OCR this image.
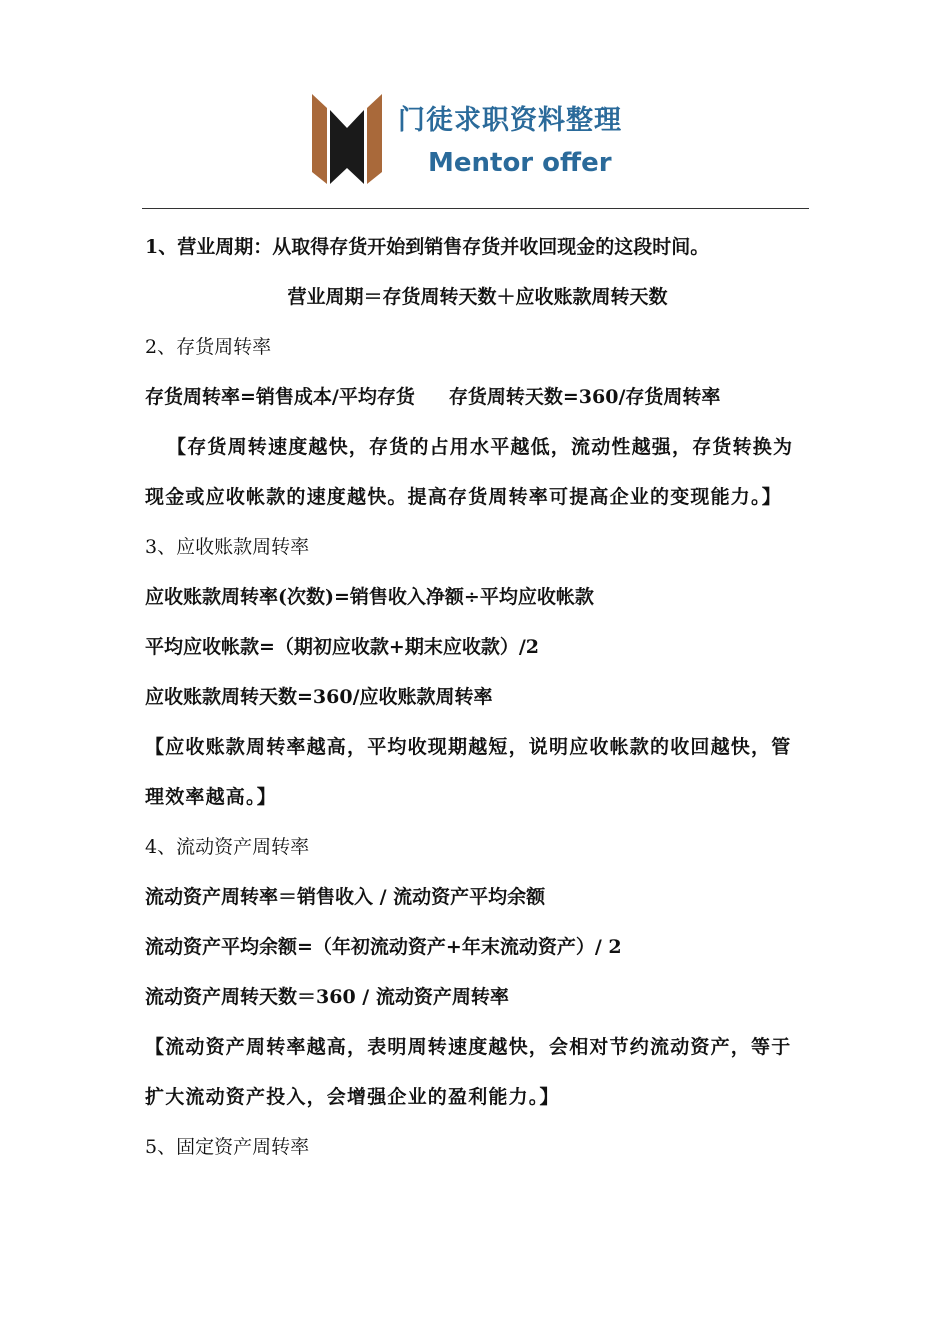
门徒求职资料整理
Mentor offer
1、营业周期：从取得存货开始到销售存货并收回现金的这段时间。
营业周期＝存货周转天数＋应收账款周转天数
2、存货周转率
存货周转率=销售成本/平均存货 存货周转天数=360/存货周转率
【存货周转速度越快，存货的占用水平越低，流动性越强，存货转换为现金或应收帐款的速度越快。提高存货周转率可提高企业的变现能力。】
3、应收账款周转率
应收账款周转率(次数)=销售收入净额÷平均应收帐款
平均应收帐款=（期初应收款+期末应收款）/2
应收账款周转天数=360/应收账款周转率
【应收账款周转率越高，平均收现期越短，说明应收帐款的收回越快，管理效率越高。】
4、流动资产周转率
流动资产周转率＝销售收入 / 流动资产平均余额
流动资产平均余额=（年初流动资产+年末流动资产）/ 2
流动资产周转天数＝360 / 流动资产周转率
【流动资产周转率越高，表明周转速度越快，会相对节约流动资产，等于扩大流动资产投入，会增强企业的盈利能力。】
5、固定资产周转率
